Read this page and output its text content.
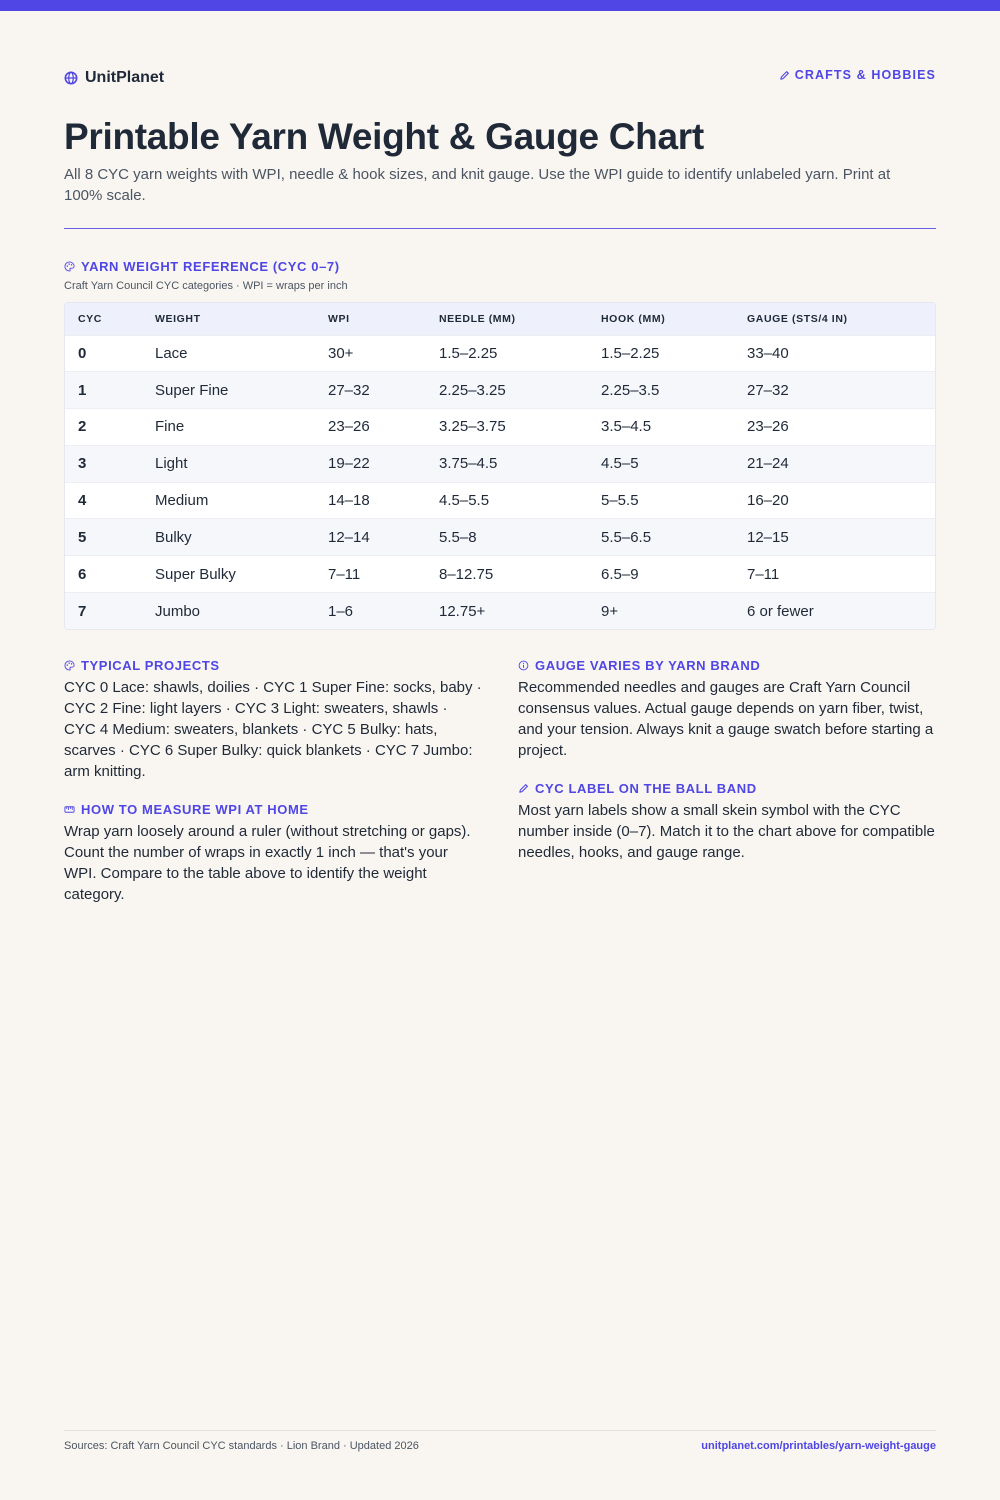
UnitPlanet	CRAFTS & HOBBIES
Printable Yarn Weight & Gauge Chart

All 8 CYC yarn weights with WPI, needle & hook sizes, and knit gauge. Use the WPI guide to identify unlabeled yarn. Print at 100% scale.

YARN WEIGHT REFERENCE (CYC 0–7)
Craft Yarn Council CYC categories · WPI = wraps per inch
CYC	WEIGHT	WPI	NEEDLE (MM)	HOOK (MM)	GAUGE (STS/4 IN)
0	Lace	30+	1.5–2.25	1.5–2.25	33–40
1	Super Fine	27–32	2.25–3.25	2.25–3.5	27–32
2	Fine	23–26	3.25–3.75	3.5–4.5	23–26
3	Light	19–22	3.75–4.5	4.5–5	21–24
4	Medium	14–18	4.5–5.5	5–5.5	16–20
5	Bulky	12–14	5.5–8	5.5–6.5	12–15
6	Super Bulky	7–11	8–12.75	6.5–9	7–11
7	Jumbo	1–6	12.75+	9+	6 or fewer
TYPICAL PROJECTS

CYC 0 Lace: shawls, doilies · CYC 1 Super Fine: socks, baby · CYC 2 Fine: light layers · CYC 3 Light: sweaters, shawls · CYC 4 Medium: sweaters, blankets · CYC 5 Bulky: hats, scarves · CYC 6 Super Bulky: quick blankets · CYC 7 Jumbo: arm knitting.

HOW TO MEASURE WPI AT HOME

Wrap yarn loosely around a ruler (without stretching or gaps). Count the number of wraps in exactly 1 inch — that's your WPI. Compare to the table above to identify the weight category.

GAUGE VARIES BY YARN BRAND

Recommended needles and gauges are Craft Yarn Council consensus values. Actual gauge depends on yarn fiber, twist, and your tension. Always knit a gauge swatch before starting a project.

CYC LABEL ON THE BALL BAND

Most yarn labels show a small skein symbol with the CYC number inside (0–7). Match it to the chart above for compatible needles, hooks, and gauge range.

Sources: Craft Yarn Council CYC standards · Lion Brand · Updated 2026	unitplanet.com/printables/yarn-weight-gauge
